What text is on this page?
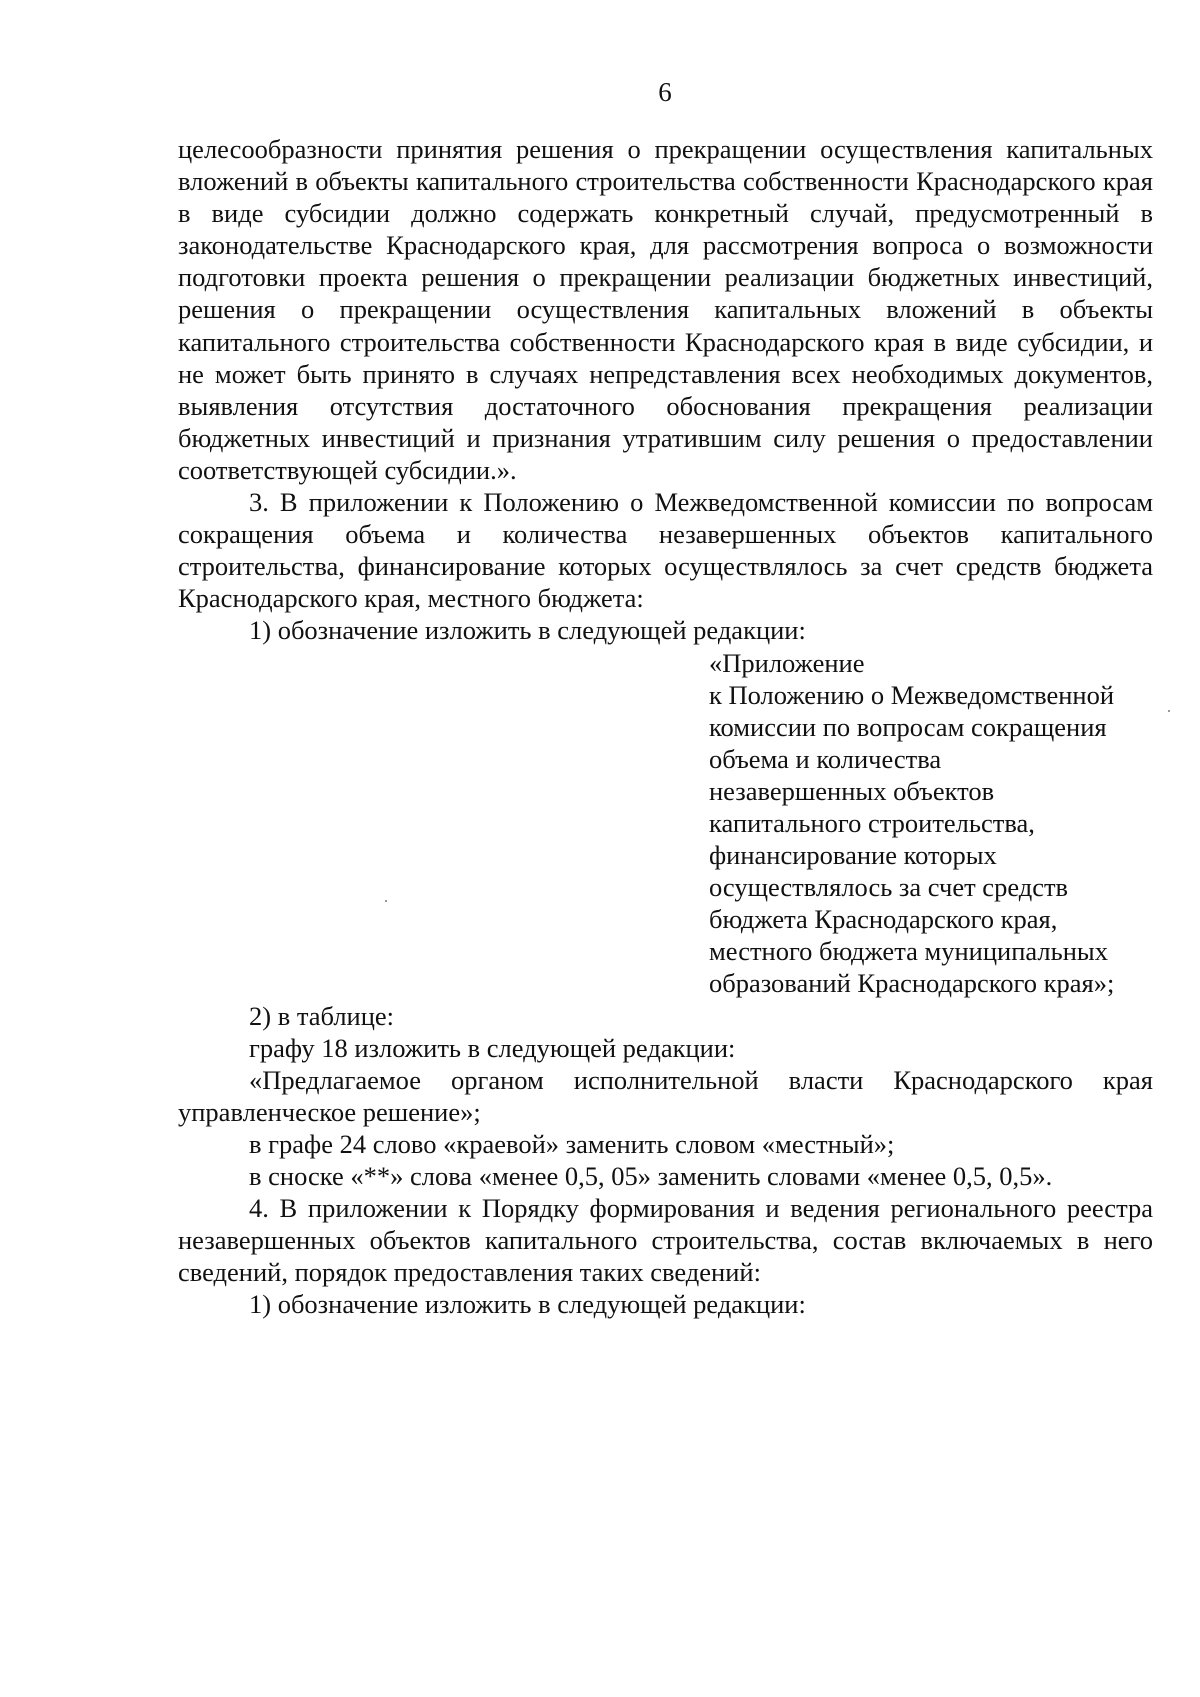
6

целесообразности принятия решения о прекращении осуществления капитальных вложений в объекты капитального строительства собственности Краснодарского края в виде субсидии должно содержать конкретный случай, предусмотренный в законодательстве Краснодарского края, для рассмотрения вопроса о возможности подготовки проекта решения о прекращении реализации бюджетных инвестиций, решения о прекращении осуществления капитальных вложений в объекты капитального строительства собственности Краснодарского края в виде субсидии, и не может быть принято в случаях непредставления всех необходимых документов, выявления отсутствия достаточного обоснования прекращения реализации бюджетных инвестиций и признания утратившим силу решения о предоставлении соответствующей субсидии.».

3. В приложении к Положению о Межведомственной комиссии по вопросам сокращения объема и количества незавершенных объектов капитального строительства, финансирование которых осуществлялось за счет средств бюджета Краснодарского края, местного бюджета:

1) обозначение изложить в следующей редакции:

«Приложение

к Положению о Межведомственной

комиссии по вопросам сокращения

объема и количества

незавершенных объектов

капитального строительства,

финансирование которых

осуществлялось за счет средств

бюджета Краснодарского края,

местного бюджета муниципальных

образований Краснодарского края»;

2) в таблице:

графу 18 изложить в следующей редакции:

«Предлагаемое органом исполнительной власти Краснодарского края управленческое решение»;

в графе 24 слово «краевой» заменить словом «местный»;

в сноске «**» слова «менее 0,5, 05» заменить словами «менее 0,5, 0,5».

4. В приложении к Порядку формирования и ведения регионального реестра незавершенных объектов капитального строительства, состав включаемых в него сведений, порядок предоставления таких сведений:

1) обозначение изложить в следующей редакции:
